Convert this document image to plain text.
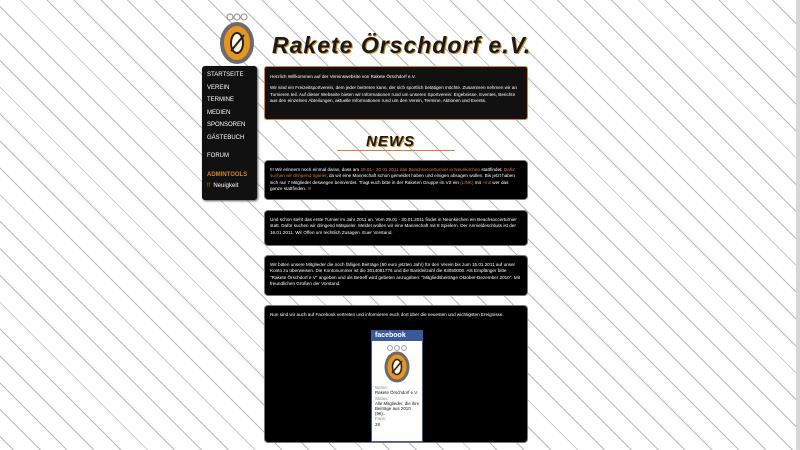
Rakete Örschdorf e.V.
STARTSEITE
VEREIN
TERMINE
MEDIEN
SPONSOREN
GÄSTEBUCH
FORUM
ADMINTOOLS
!! Neuigkeit

Herzlich Willkommen auf der Vereinswebsite von Rakete Örschdorf e.V.

Wir sind ein Freizeitsportverein, dem jeder beitreten kann, der sich sportlich betätigen möchte. Zusammen nehmen wir an Turnieren teil. Auf dieser Webseite bieten wir Informationen rund um unseren Sportverein: Ergebnisse, Eventes, Berichte aus den einzelnen Abteilungen, aktuelle Informationen rund um den Verein, Termine, Aktionen und Events.

NEWS

!!! Wir erinnern noch einmal daran, dass am 29.01 - 30.01.2011 das Beachsoccerturnier in Neunkirchen stattfindet. Dafür suchen wir dringend Spieler, da wir eine Mannschaft schon gemeldet haben und einigen absagen wollen. Bis jetzt haben sich nur 7 Mitglieder deswegen beim/erdet. Tragt euch bitte in der Raketen Gruppe im VZ ein (LINK) mit +mit wer das ganze stattfinden. !!!

Und schon steht das erste Turnier im Jahr 2011 an. Vom 29.01 - 30.01.2011 findet in Neunkirchen ein Beachsoccerturnier statt. Dafür suchen wir dringend Mitspieler. Meldet wollen wir eine Mannschaft mit 8 Spielern. Der Anmeldeschluss ist der 16.01.2011. Wir Offen um rechtlich Zusagen. Euer Vorstand.

Wir bitten unsere Mitglieder die noch fälligen Beiträge (90 euro jetzten Jahr) für den Verein bis zum 15.01.2011 auf unser Konto zu überweisen. Die Kontonummer ist die 3014081776 und die Bankleitzahl die 83050000. Als Empfänger bitte "Rakete Örschdorf e.V" angeben und als Betreff wird gebeten anzugeben: "Mitgliedsbeiträge Oktober-Dezember 2010". Mit freundlichen Grüßen der Vorstand.

Nun sind wir auch auf Facebook vertreten und informieren euch dort über die neuesten und wichtigsten Ereignisse.

facebook
Name:
Rakete Örschdorf e.V.
Status:
Alle Mitglieder, die ihre Beiträge aus 2010 (9€)...
Fans:
28
